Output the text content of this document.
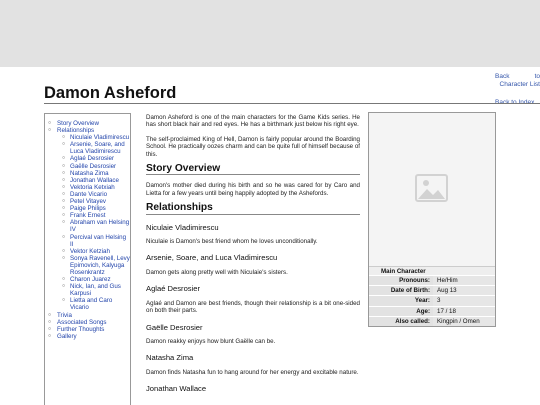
Back to
Character List
Damon Asheford
○ Story Overview
○ Relationships
○ Niculaie Vladimirescu
○ Arsenie, Soare, and Luca Vladimirescu
○ Aglaé Desrosier
○ Gaëlle Desrosier
○ Natasha Zima
○ Jonathan Wallace
○ Vektoria Ketxiah
○ Dante Vicario
○ Petel Vitayev
○ Paige Philips
○ Frank Ernest
○ Abraham van Helsing IV
○ Percival van Helsing II
○ Vektor Ketziah
○ Sonya Ravenell, Levy Epimovich, Kalyuga Rosenkrantz
○ Charon Juarez
○ Nick, Ian, and Gus Karpusi
○ Lietta and Caro Vicario
○ Trivia
○ Associated Songs
○ Further Thoughts
○ Gallery

Damon Asheford is one of the main characters for the Game Kids series. He has short black hair and red eyes. He has a birthmark just below his right eye.

The self-proclaimed King of Hell, Damon is fairly popular around the Boarding School. He practically oozes charm and can be quite full of himself because of this.

Story Overview

Damon's mother died during his birth and so he was cared for by Caro and Lietta for a few years until being happily adopted by the Ashefords.

Relationships
Niculaie Vladimirescu

Niculaie is Damon's best friend whom he loves unconditionally.

Arsenie, Soare, and Luca Vladimirescu

Damon gets along pretty well with Niculaie's sisters.

Aglaé Desrosier

Aglaé and Damon are best friends, though their relationship is a bit one-sided on both their parts.

Gaëlle Desrosier

Damon reakky enjoys how blunt Gaëlle can be.

Natasha Zima

Damon finds Natasha fun to hang around for her energy and excitable nature.

Jonathan Wallace
Main Character
Pronouns:	He/Him
Date of Birth:	Aug 13
Year:	3
Age:	17 / 18
Also called:	Kingpin / Omen
